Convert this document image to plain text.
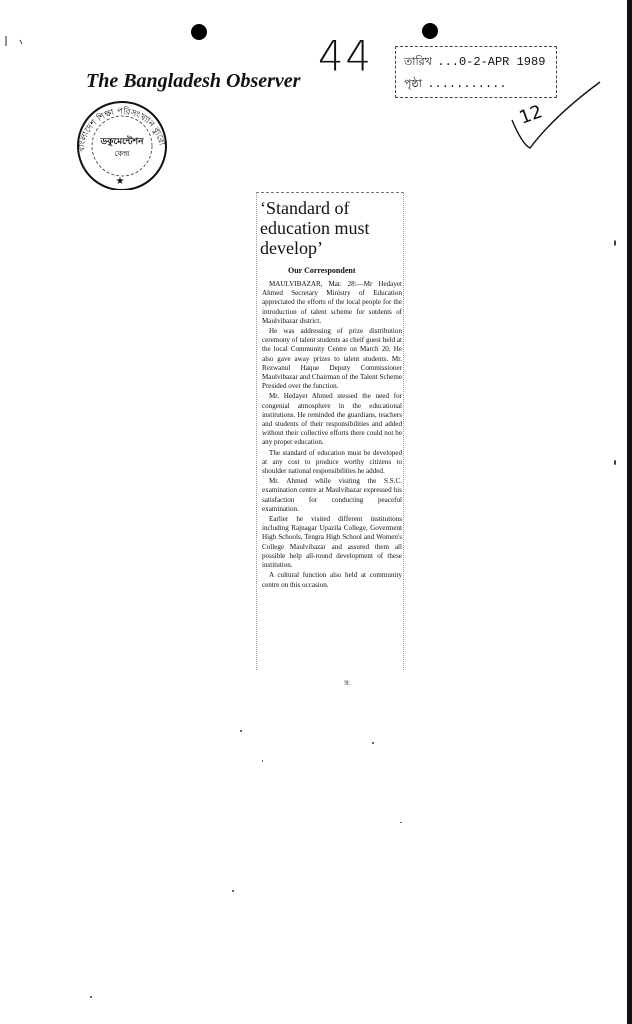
44	তারিখ ...0-2-APR 1989
পৃষ্ঠা ...........
The Bangladesh Observer
বাংলাদেশ শিক্ষা পরিসংখ্যান ব্যুরো
ডকুমেন্টেশন
কেন্দ্র
★
12
‘Standard of education must develop’
Our Correspondent

MAULVIBAZAR, Mar. 28:—Mr Hedayet Ahmed Secretary Ministry of Education appreciated the efforts of the local people for the introduction of talent scheme for sutdents of Maulvibazar district.

He was addressing of prize distribution ceremony of talent students as cheif guest held at the local Community Centre on March 20. He also gave away prizes to talent students. Mr. Rezwanul Haque Deputy Commissioner Maulvibazar and Chairman of the Talent Scheme Presided over the function.

Mr. Hedayet Ahmed stessed the need for congenial atmosphere in the educational institutions. He reminded the guardians, teachers and students of their responsibilities and added without their collective efforts there could not be any proper education.

The standard of education must be developed at any cost to produce worthy citizens to shoulder national responsibilities he added.

Mr. Ahmed while visiting the S.S.C. examination centre at Maulvibazar expressed his satisfaction for conducting peaceful examination.

Earlier he visited different institutions including Rajnagar Upazila College, Goverment High Schools, Tengra High School and Women's College Maulvibazar and assured them all possible help all-round development of these institution.

A cultural function also held at community centre on this occasion.

ℜ:
